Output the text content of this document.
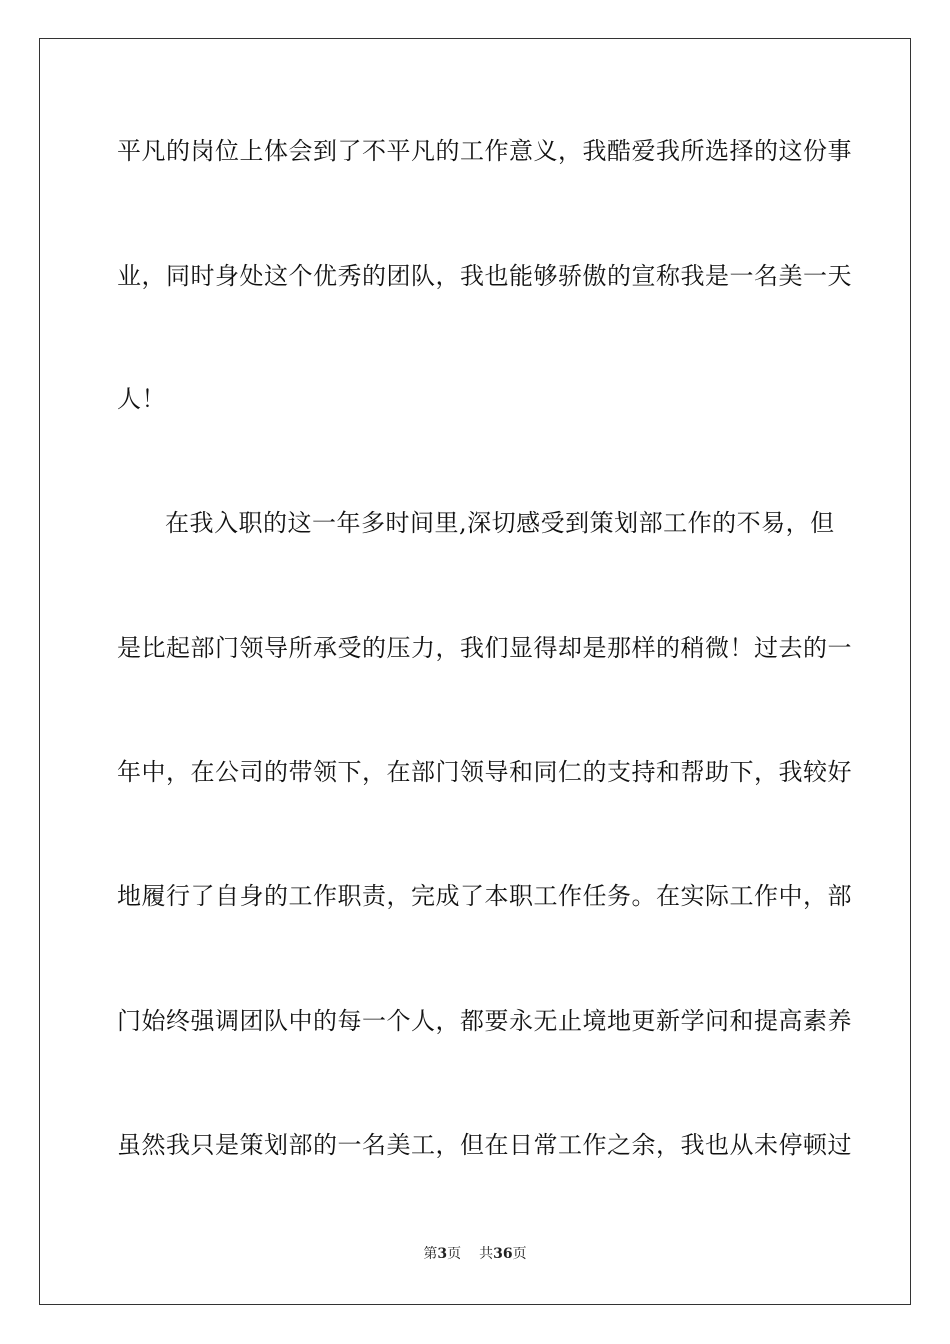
平凡的岗位上体会到了不平凡的工作意义，我酷爱我所选择的这份事
业，同时身处这个优秀的团队，我也能够骄傲的宣称我是一名美一天
人！
在我入职的这一年多时间里,深切感受到策划部工作的不易，但
是比起部门领导所承受的压力，我们显得却是那样的稍微！过去的一
年中，在公司的带领下，在部门领导和同仁的支持和帮助下，我较好
地履行了自身的工作职责，完成了本职工作任务。在实际工作中，部
门始终强调团队中的每一个人，都要永无止境地更新学问和提高素养
虽然我只是策划部的一名美工，但在日常工作之余，我也从未停顿过
第3页 共36页
